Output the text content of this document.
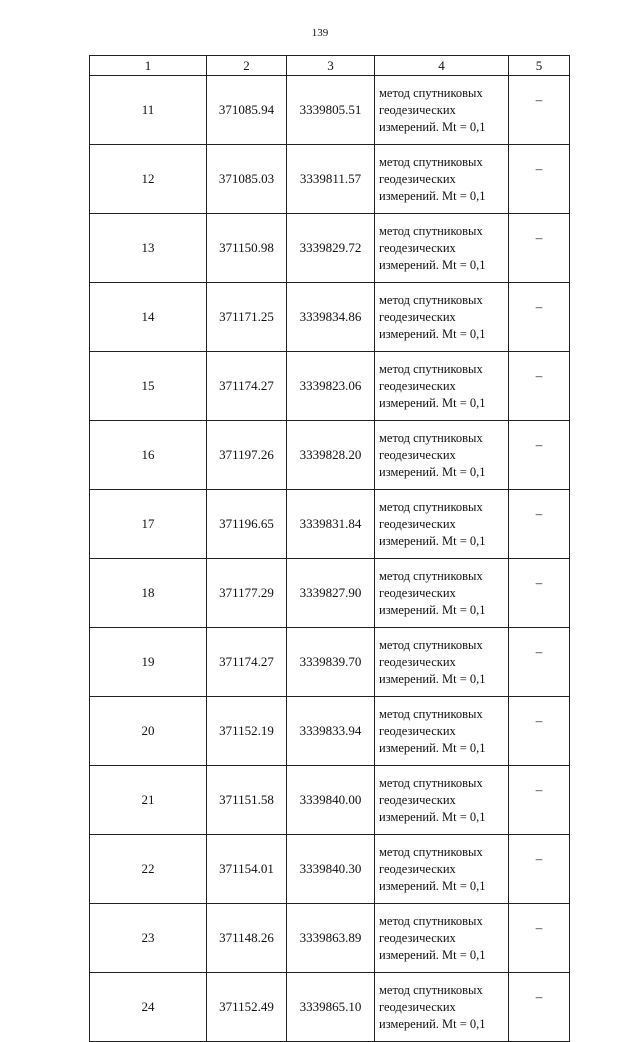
139
1	2	3	4	5
11	371085.94	3339805.51	метод спутниковых
геодезических
измерений. Mt = 0,1	–
12	371085.03	3339811.57	метод спутниковых
геодезических
измерений. Mt = 0,1	–
13	371150.98	3339829.72	метод спутниковых
геодезических
измерений. Mt = 0,1	–
14	371171.25	3339834.86	метод спутниковых
геодезических
измерений. Mt = 0,1	–
15	371174.27	3339823.06	метод спутниковых
геодезических
измерений. Mt = 0,1	–
16	371197.26	3339828.20	метод спутниковых
геодезических
измерений. Mt = 0,1	–
17	371196.65	3339831.84	метод спутниковых
геодезических
измерений. Mt = 0,1	–
18	371177.29	3339827.90	метод спутниковых
геодезических
измерений. Mt = 0,1	–
19	371174.27	3339839.70	метод спутниковых
геодезических
измерений. Mt = 0,1	–
20	371152.19	3339833.94	метод спутниковых
геодезических
измерений. Mt = 0,1	–
21	371151.58	3339840.00	метод спутниковых
геодезических
измерений. Mt = 0,1	–
22	371154.01	3339840.30	метод спутниковых
геодезических
измерений. Mt = 0,1	–
23	371148.26	3339863.89	метод спутниковых
геодезических
измерений. Mt = 0,1	–
24	371152.49	3339865.10	метод спутниковых
геодезических
измерений. Mt = 0,1	–
